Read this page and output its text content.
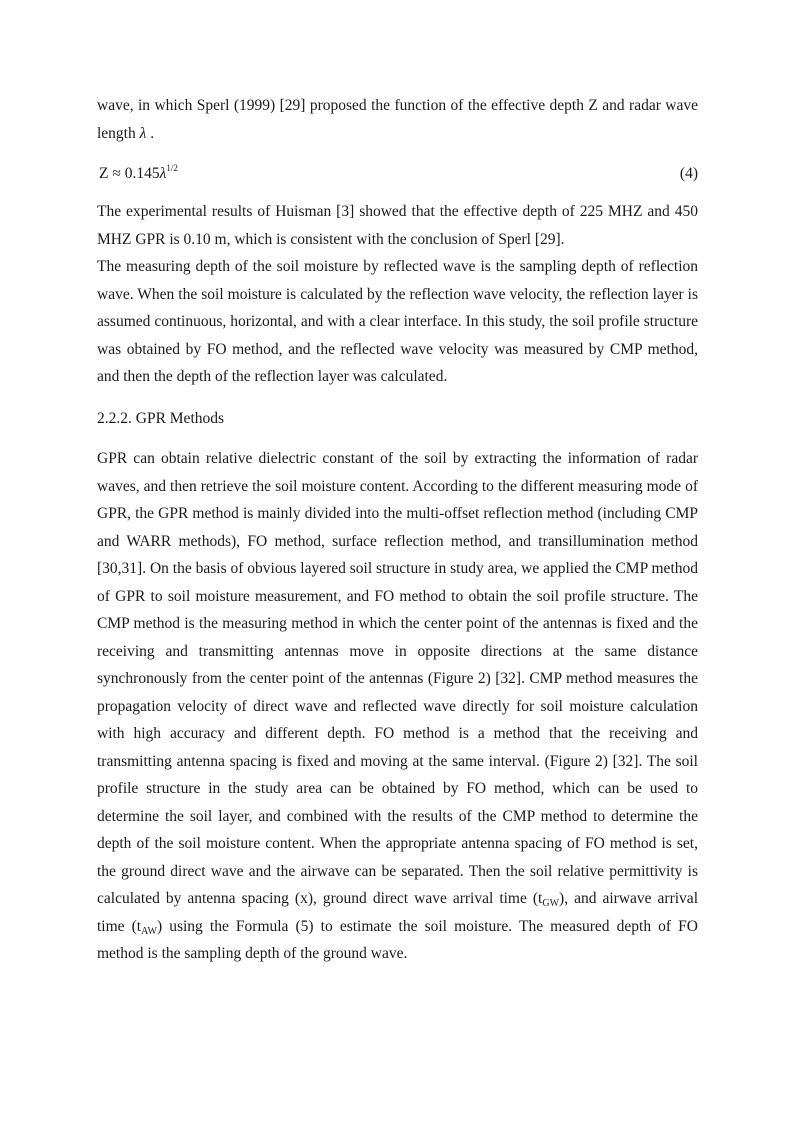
wave, in which Sperl (1999) [29] proposed the function of the effective depth Z and radar wave length λ .

$Z \approx 0.145\lambda^{1/2}$	(4)

The experimental results of Huisman [3] showed that the effective depth of 225 MHZ and 450 MHZ GPR is 0.10 m, which is consistent with the conclusion of Sperl [29].

The measuring depth of the soil moisture by reflected wave is the sampling depth of reflection wave. When the soil moisture is calculated by the reflection wave velocity, the reflection layer is assumed continuous, horizontal, and with a clear interface. In this study, the soil profile structure was obtained by FO method, and the reflected wave velocity was measured by CMP method, and then the depth of the reflection layer was calculated.

2.2.2. GPR Methods

GPR can obtain relative dielectric constant of the soil by extracting the information of radar waves, and then retrieve the soil moisture content. According to the different measuring mode of GPR, the GPR method is mainly divided into the multi-offset reflection method (including CMP and WARR methods), FO method, surface reflection method, and transillumination method [30,31]. On the basis of obvious layered soil structure in study area, we applied the CMP method of GPR to soil moisture measurement, and FO method to obtain the soil profile structure. The CMP method is the measuring method in which the center point of the antennas is fixed and the receiving and transmitting antennas move in opposite directions at the same distance synchronously from the center point of the antennas (Figure 2) [32]. CMP method measures the propagation velocity of direct wave and reflected wave directly for soil moisture calculation with high accuracy and different depth. FO method is a method that the receiving and transmitting antenna spacing is fixed and moving at the same interval. (Figure 2) [32]. The soil profile structure in the study area can be obtained by FO method, which can be used to determine the soil layer, and combined with the results of the CMP method to determine the depth of the soil moisture content. When the appropriate antenna spacing of FO method is set, the ground direct wave and the airwave can be separated. Then the soil relative permittivity is calculated by antenna spacing (x), ground direct wave arrival time $(t_{GW})$, and airwave arrival time $(t_{AW})$ using the Formula (5) to estimate the soil moisture. The measured depth of FO method is the sampling depth of the ground wave.
